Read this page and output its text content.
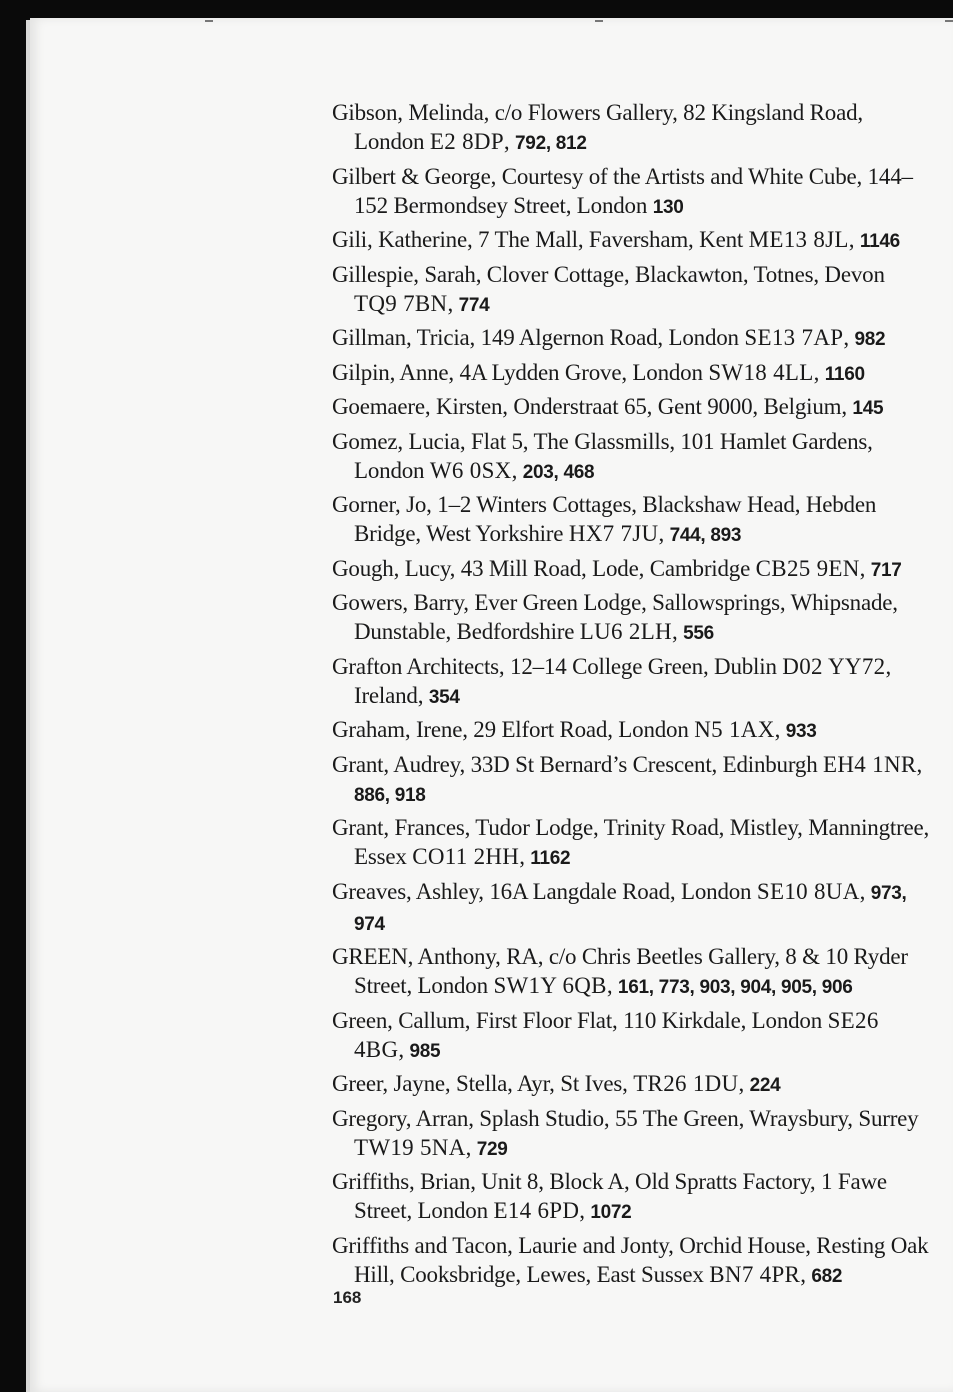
Gibson, Melinda, c/o Flowers Gallery, 82 Kingsland Road, London E2 8DP, 792, 812
Gilbert & George, Courtesy of the Artists and White Cube, 144–152 Bermondsey Street, London 130
Gili, Katherine, 7 The Mall, Faversham, Kent ME13 8JL, 1146
Gillespie, Sarah, Clover Cottage, Blackawton, Totnes, Devon TQ9 7BN, 774
Gillman, Tricia, 149 Algernon Road, London SE13 7AP, 982
Gilpin, Anne, 4A Lydden Grove, London SW18 4LL, 1160
Goemaere, Kirsten, Onderstraat 65, Gent 9000, Belgium, 145
Gomez, Lucia, Flat 5, The Glassmills, 101 Hamlet Gardens, London W6 0SX, 203, 468
Gorner, Jo, 1–2 Winters Cottages, Blackshaw Head, Hebden Bridge, West Yorkshire HX7 7JU, 744, 893
Gough, Lucy, 43 Mill Road, Lode, Cambridge CB25 9EN, 717
Gowers, Barry, Ever Green Lodge, Sallowsprings, Whipsnade, Dunstable, Bedfordshire LU6 2LH, 556
Grafton Architects, 12–14 College Green, Dublin D02 YY72, Ireland, 354
Graham, Irene, 29 Elfort Road, London N5 1AX, 933
Grant, Audrey, 33D St Bernard’s Crescent, Edinburgh EH4 1NR, 886, 918
Grant, Frances, Tudor Lodge, Trinity Road, Mistley, Manningtree, Essex CO11 2HH, 1162
Greaves, Ashley, 16A Langdale Road, London SE10 8UA, 973, 974
GREEN, Anthony, RA, c/o Chris Beetles Gallery, 8 & 10 Ryder Street, London SW1Y 6QB, 161, 773, 903, 904, 905, 906
Green, Callum, First Floor Flat, 110 Kirkdale, London SE26 4BG, 985
Greer, Jayne, Stella, Ayr, St Ives, TR26 1DU, 224
Gregory, Arran, Splash Studio, 55 The Green, Wraysbury, Surrey TW19 5NA, 729
Griffiths, Brian, Unit 8, Block A, Old Spratts Factory, 1 Fawe Street, London E14 6PD, 1072
Griffiths and Tacon, Laurie and Jonty, Orchid House, Resting Oak Hill, Cooksbridge, Lewes, East Sussex BN7 4PR, 682
168
